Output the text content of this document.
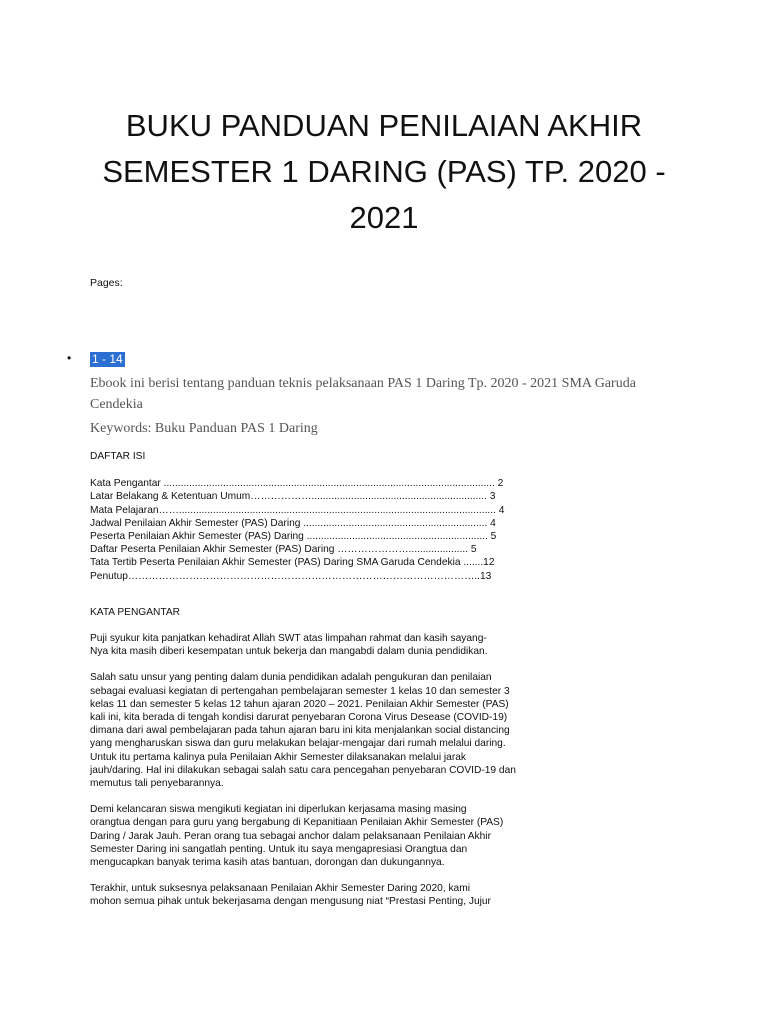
BUKU PANDUAN PENILAIAN AKHIR
SEMESTER 1 DARING (PAS) TP. 2020 -
2021
Pages:
• 1 - 14
Ebook ini berisi tentang panduan teknis pelaksanaan PAS 1 Daring Tp. 2020 - 2021 SMA Garuda Cendekia
Keywords: Buku Panduan PAS 1 Daring
DAFTAR ISI
Kata Pengantar ..................................................................................................................... 2
Latar Belakang & Ketentuan Umum……………….............................................................. 3
Mata Pelajaran……................................................................................................................ 4
Jadwal Penilaian Akhir Semester (PAS) Daring ................................................................. 4
Peserta Penilaian Akhir Semester (PAS) Daring ................................................................ 5
Daftar Peserta Penilaian Akhir Semester (PAS) Daring …………………..................... 5
Tata Tertib Peserta Penilaian Akhir Semester (PAS) Daring SMA Garuda Cendekia .......12
Penutup…………………………………………………………………………………………..13
KATA PENGANTAR
Puji syukur kita panjatkan kehadirat Allah SWT atas limpahan rahmat dan kasih sayang-
Nya kita masih diberi kesempatan untuk bekerja dan mangabdi dalam dunia pendidikan.
Salah satu unsur yang penting dalam dunia pendidikan adalah pengukuran dan penilaian
sebagai evaluasi kegiatan di pertengahan pembelajaran semester 1 kelas 10 dan semester 3
kelas 11 dan semester 5 kelas 12 tahun ajaran 2020 – 2021. Penilaian Akhir Semester (PAS)
kali ini, kita berada di tengah kondisi darurat penyebaran Corona Virus Desease (COVID-19)
dimana dari awal pembelajaran pada tahun ajaran baru ini kita menjalankan social distancing
yang mengharuskan siswa dan guru melakukan belajar-mengajar dari rumah melalui daring.
Untuk itu pertama kalinya pula Penilaian Akhir Semester dilaksanakan melalui jarak
jauh/daring. Hal ini dilakukan sebagai salah satu cara pencegahan penyebaran COVID-19 dan
memutus tali penyebarannya.
Demi kelancaran siswa mengikuti kegiatan ini diperlukan kerjasama masing masing
orangtua dengan para guru yang bergabung di Kepanitiaan Penilaian Akhir Semester (PAS)
Daring / Jarak Jauh. Peran orang tua sebagai anchor dalam pelaksanaan Penilaian Akhir
Semester Daring ini sangatlah penting. Untuk itu saya mengapresiasi Orangtua dan
mengucapkan banyak terima kasih atas bantuan, dorongan dan dukungannya.
Terakhir, untuk suksesnya pelaksanaan Penilaian Akhir Semester Daring 2020, kami
mohon semua pihak untuk bekerjasama dengan mengusung niat “Prestasi Penting, Jujur
